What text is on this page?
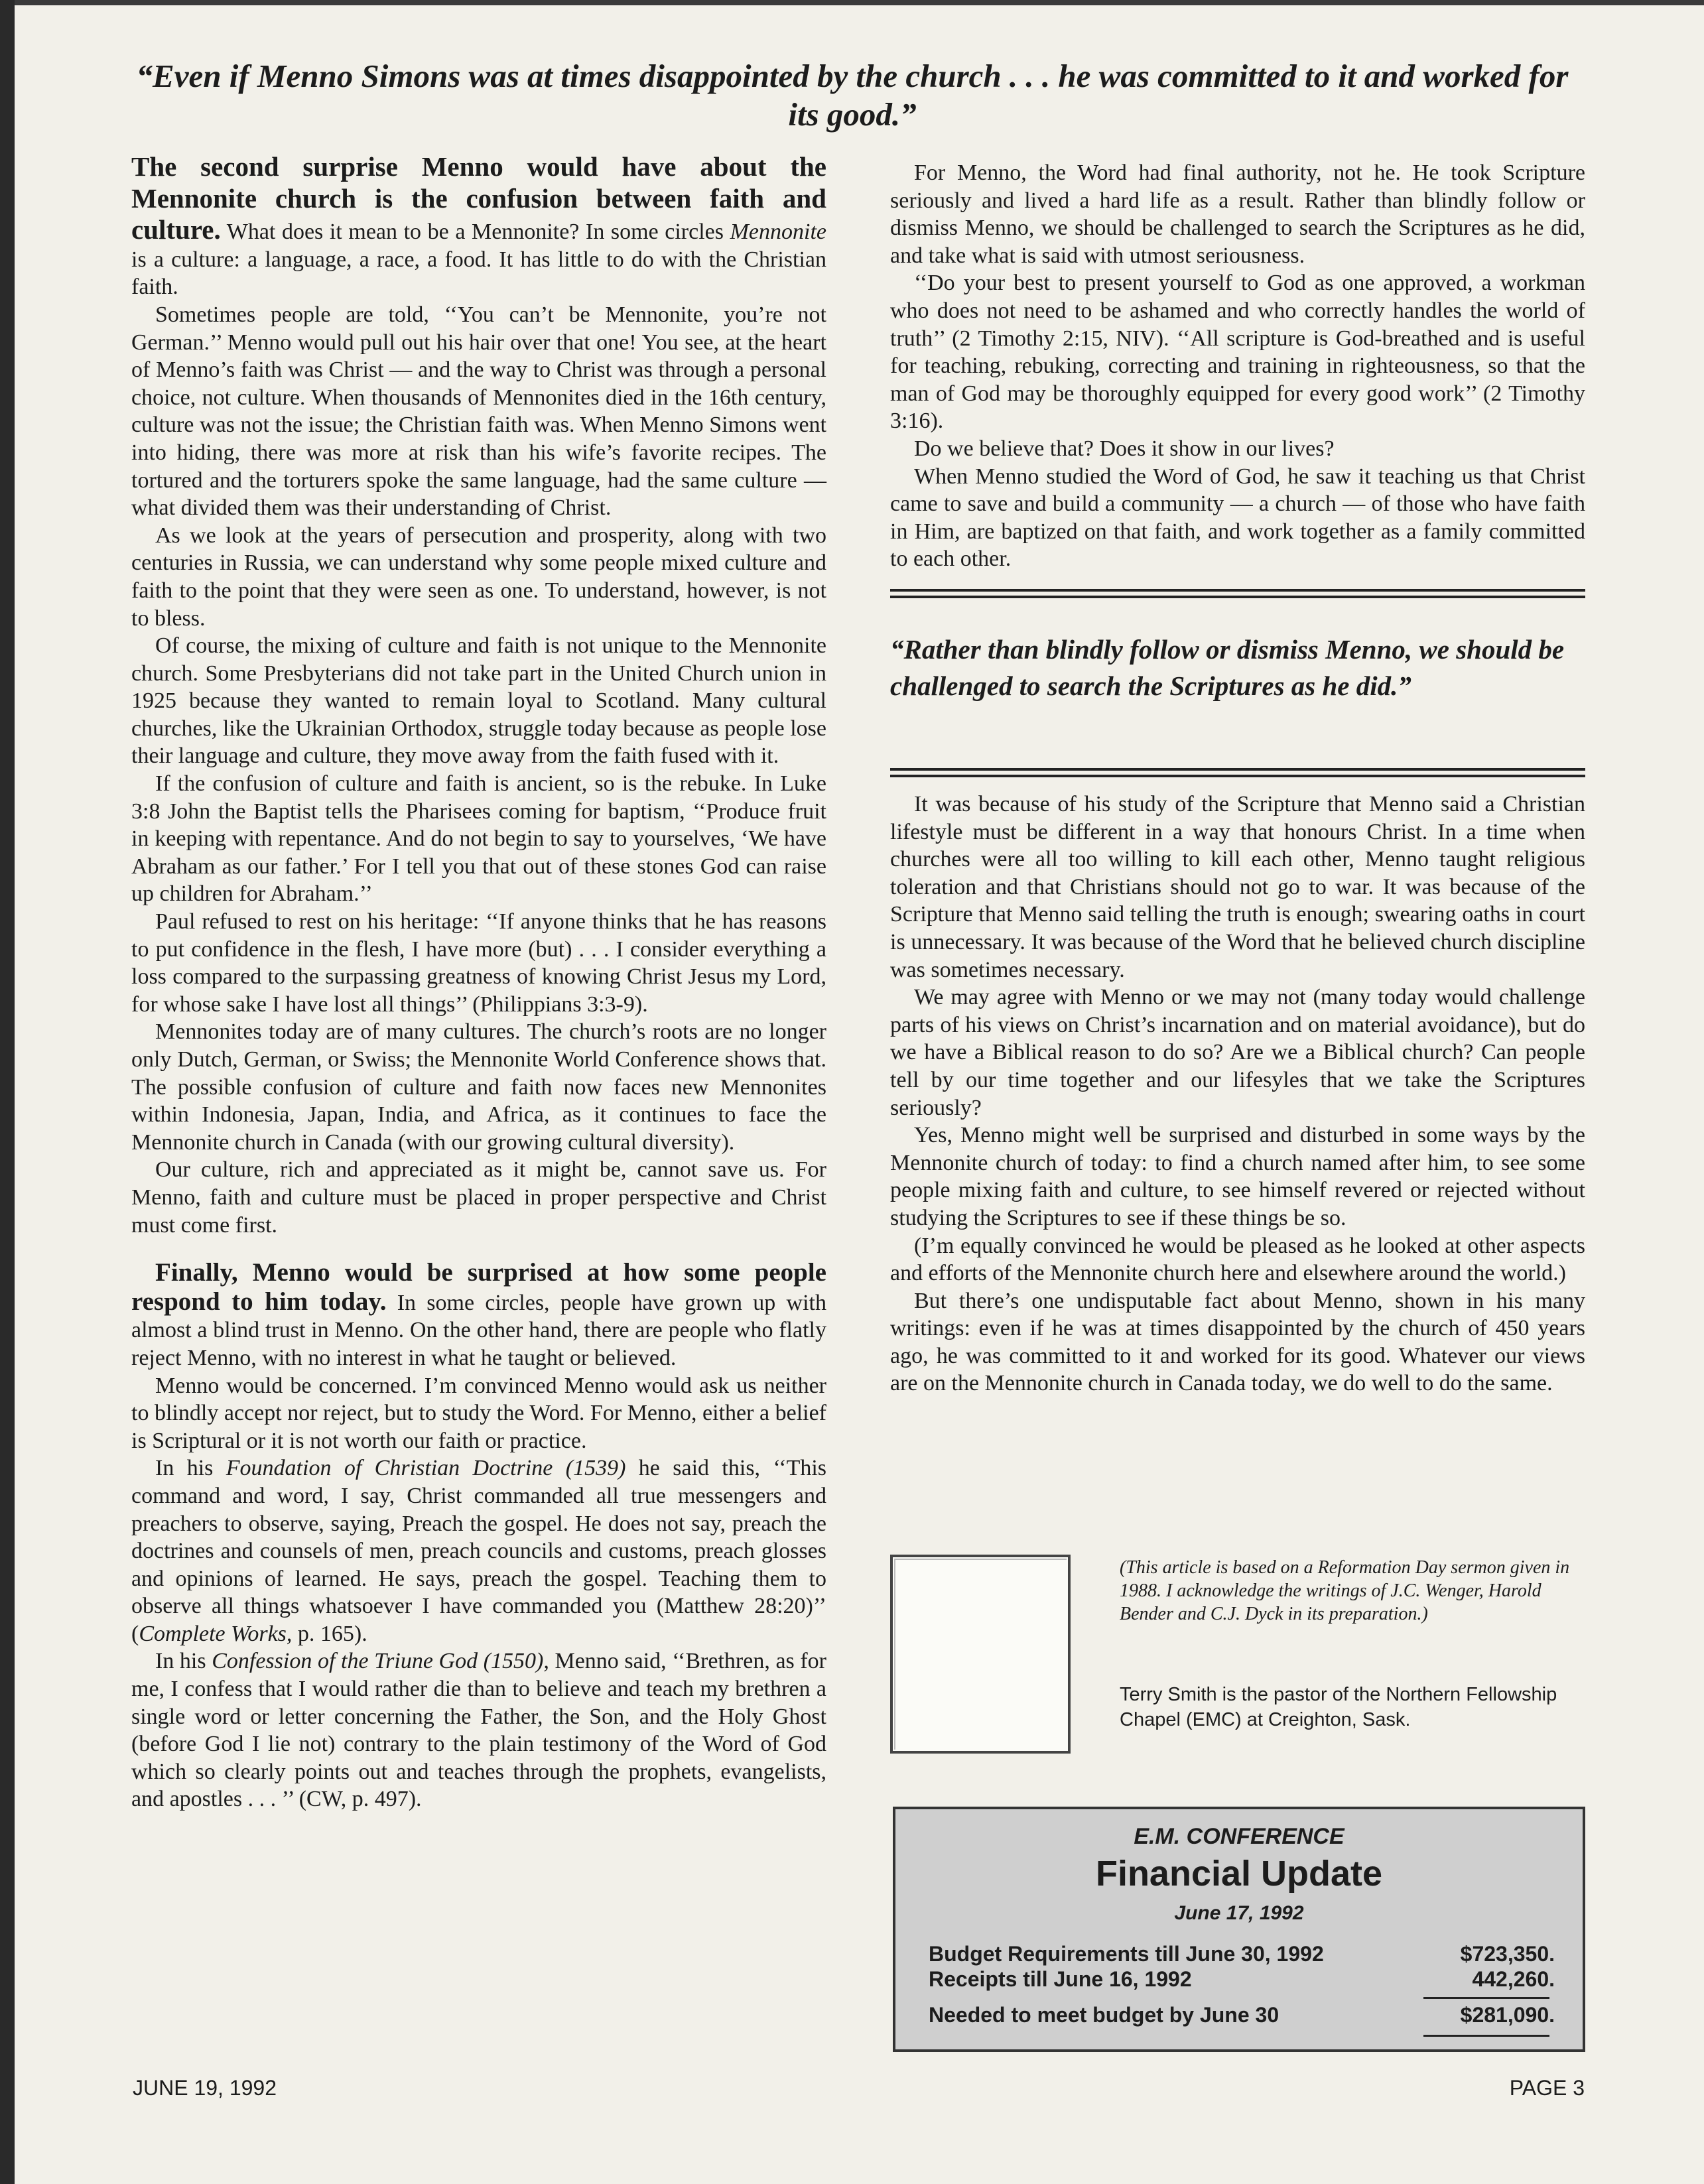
“Even if Menno Simons was at times disappointed by the church . . . he was committed to it and worked for its good.”

The second surprise Menno would have about the Mennonite church is the confusion between faith and culture. What does it mean to be a Mennonite? In some circles Mennonite is a culture: a language, a race, a food. It has little to do with the Christian faith.

Sometimes people are told, ‘‘You can’t be Mennonite, you’re not German.’’ Menno would pull out his hair over that one! You see, at the heart of Menno’s faith was Christ — and the way to Christ was through a personal choice, not culture. When thousands of Mennonites died in the 16th century, culture was not the issue; the Christian faith was. When Menno Simons went into hiding, there was more at risk than his wife’s favorite recipes. The tortured and the torturers spoke the same language, had the same culture — what divided them was their understanding of Christ.

As we look at the years of persecution and prosperity, along with two centuries in Russia, we can understand why some people mixed culture and faith to the point that they were seen as one. To understand, however, is not to bless.

Of course, the mixing of culture and faith is not unique to the Mennonite church. Some Presbyterians did not take part in the United Church union in 1925 because they wanted to remain loyal to Scotland. Many cultural churches, like the Ukrainian Orthodox, struggle today because as people lose their language and culture, they move away from the faith fused with it.

If the confusion of culture and faith is ancient, so is the rebuke. In Luke 3:8 John the Baptist tells the Pharisees coming for baptism, ‘‘Produce fruit in keeping with repentance. And do not begin to say to yourselves, ‘We have Abraham as our father.’ For I tell you that out of these stones God can raise up children for Abraham.’’

Paul refused to rest on his heritage: ‘‘If anyone thinks that he has reasons to put confidence in the flesh, I have more (but) . . . I consider everything a loss compared to the surpassing greatness of knowing Christ Jesus my Lord, for whose sake I have lost all things’’ (Philippians 3:3-9).

Mennonites today are of many cultures. The church’s roots are no longer only Dutch, German, or Swiss; the Mennonite World Conference shows that. The possible confusion of culture and faith now faces new Mennonites within Indonesia, Japan, India, and Africa, as it continues to face the Mennonite church in Canada (with our growing cultural diversity).

Our culture, rich and appreciated as it might be, cannot save us. For Menno, faith and culture must be placed in proper perspective and Christ must come first.

Finally, Menno would be surprised at how some people respond to him today. In some circles, people have grown up with almost a blind trust in Menno. On the other hand, there are people who flatly reject Menno, with no interest in what he taught or believed.

Menno would be concerned. I’m convinced Menno would ask us neither to blindly accept nor reject, but to study the Word. For Menno, either a belief is Scriptural or it is not worth our faith or practice.

In his Foundation of Christian Doctrine (1539) he said this, ‘‘This command and word, I say, Christ commanded all true messengers and preachers to observe, saying, Preach the gospel. He does not say, preach the doctrines and counsels of men, preach councils and customs, preach glosses and opinions of learned. He says, preach the gospel. Teaching them to observe all things whatsoever I have commanded you (Matthew 28:20)’’ (Complete Works, p. 165).

In his Confession of the Triune God (1550), Menno said, ‘‘Brethren, as for me, I confess that I would rather die than to believe and teach my brethren a single word or letter concerning the Father, the Son, and the Holy Ghost (before God I lie not) contrary to the plain testimony of the Word of God which so clearly points out and teaches through the prophets, evangelists, and apostles . . . ’’ (CW, p. 497).

For Menno, the Word had final authority, not he. He took Scripture seriously and lived a hard life as a result. Rather than blindly follow or dismiss Menno, we should be challenged to search the Scriptures as he did, and take what is said with utmost seriousness.

‘‘Do your best to present yourself to God as one approved, a workman who does not need to be ashamed and who correctly handles the world of truth’’ (2 Timothy 2:15, NIV). ‘‘All scripture is God-breathed and is useful for teaching, rebuking, correcting and training in righteousness, so that the man of God may be thoroughly equipped for every good work’’ (2 Timothy 3:16).

Do we believe that? Does it show in our lives?

When Menno studied the Word of God, he saw it teaching us that Christ came to save and build a community — a church — of those who have faith in Him, are baptized on that faith, and work together as a family committed to each other.

“Rather than blindly follow or dismiss Menno, we should be challenged to search the Scriptures as he did.”

It was because of his study of the Scripture that Menno said a Christian lifestyle must be different in a way that honours Christ. In a time when churches were all too willing to kill each other, Menno taught religious toleration and that Christians should not go to war. It was because of the Scripture that Menno said telling the truth is enough; swearing oaths in court is unnecessary. It was because of the Word that he believed church discipline was sometimes necessary.

We may agree with Menno or we may not (many today would challenge parts of his views on Christ’s incarnation and on material avoidance), but do we have a Biblical reason to do so? Are we a Biblical church? Can people tell by our time together and our lifesyles that we take the Scriptures seriously?

Yes, Menno might well be surprised and disturbed in some ways by the Mennonite church of today: to find a church named after him, to see some people mixing faith and culture, to see himself revered or rejected without studying the Scriptures to see if these things be so.

(I’m equally convinced he would be pleased as he looked at other aspects and efforts of the Mennonite church here and elsewhere around the world.)

But there’s one undisputable fact about Menno, shown in his many writings: even if he was at times disappointed by the church of 450 years ago, he was committed to it and worked for its good. Whatever our views are on the Mennonite church in Canada today, we do well to do the same.

(This article is based on a Reformation Day sermon given in 1988. I acknowledge the writings of J.C. Wenger, Harold Bender and C.J. Dyck in its preparation.)

Terry Smith is the pastor of the Northern Fellowship Chapel (EMC) at Creighton, Sask.

E.M. CONFERENCE
Financial Update
June 17, 1992
Budget Requirements till June 30, 1992	$723,350.
Receipts till June 16, 1992	442,260.
Needed to meet budget by June 30	$281,090.
JUNE 19, 1992	PAGE 3
